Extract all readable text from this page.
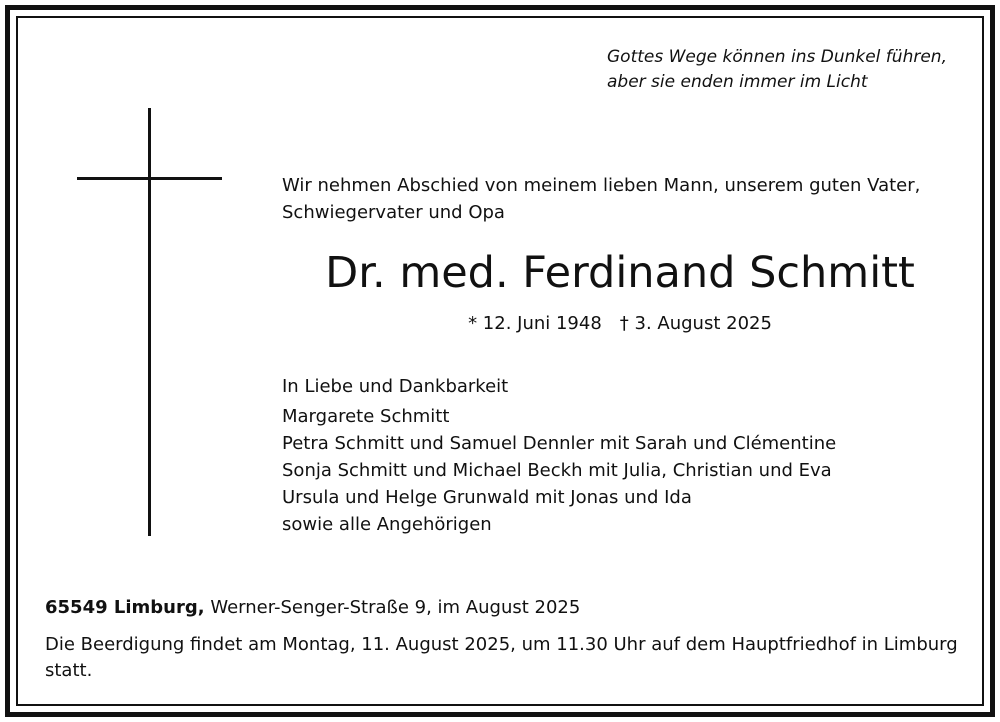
Gottes Wege können ins Dunkel führen,
aber sie enden immer im Licht
Wir nehmen Abschied von meinem lieben Mann, unserem guten Vater,
Schwiegervater und Opa
Dr. med. Ferdinand Schmitt
* 12. Juni 1948 † 3. August 2025
In Liebe und Dankbarkeit
Margarete Schmitt
Petra Schmitt und Samuel Dennler mit Sarah und Clémentine
Sonja Schmitt und Michael Beckh mit Julia, Christian und Eva
Ursula und Helge Grunwald mit Jonas und Ida
sowie alle Angehörigen
65549 Limburg, Werner-Senger-Straße 9, im August 2025
Die Beerdigung findet am Montag, 11. August 2025, um 11.30 Uhr auf dem Hauptfriedhof in Limburg statt.
